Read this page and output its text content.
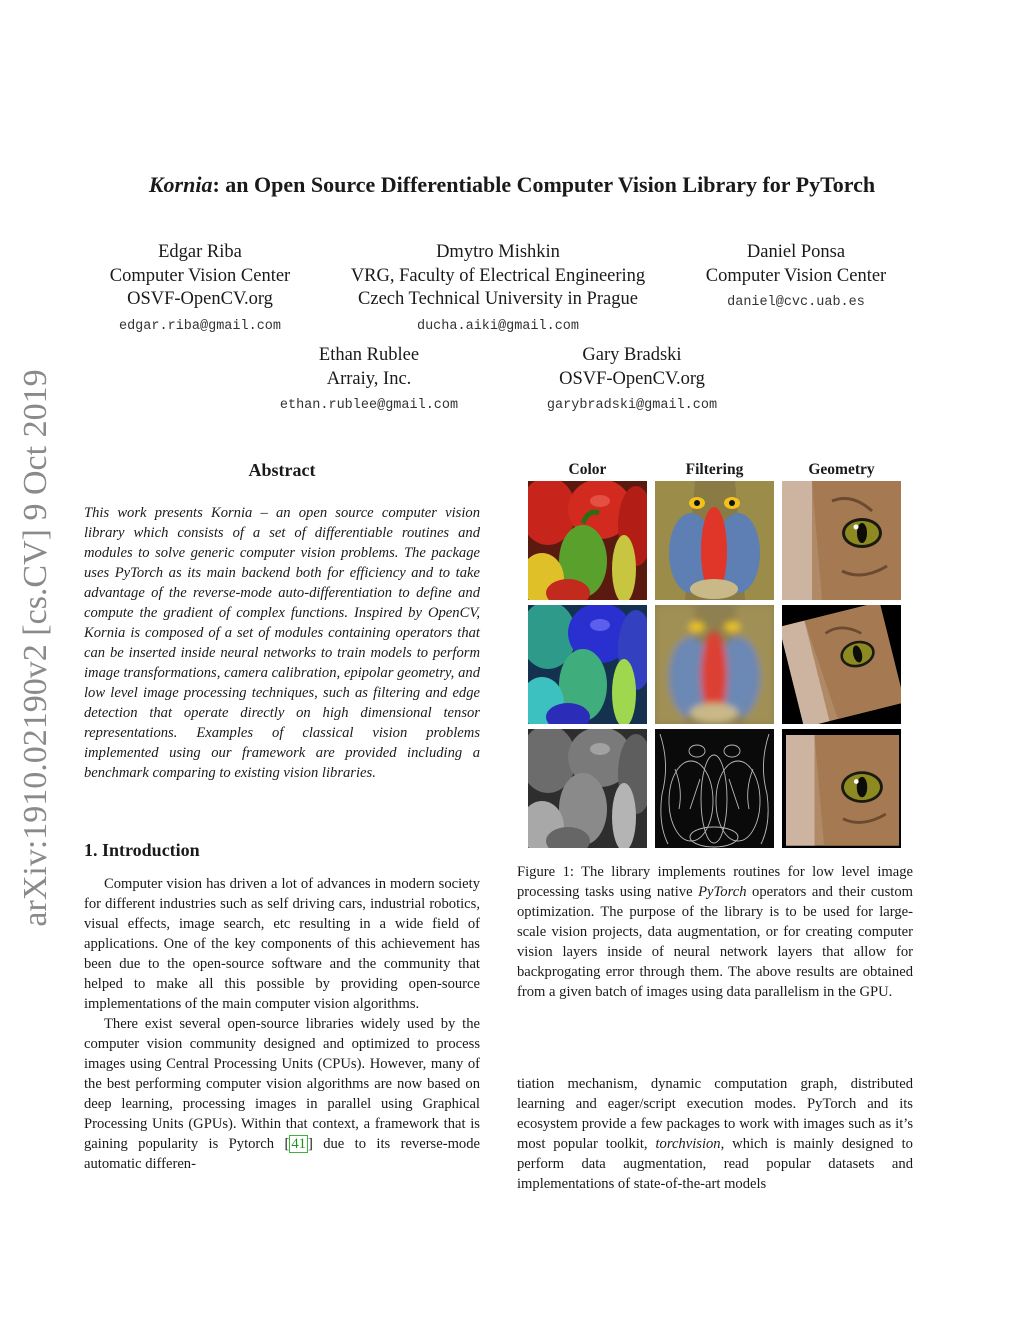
arXiv:1910.02190v2 [cs.CV] 9 Oct 2019
Kornia: an Open Source Differentiable Computer Vision Library for PyTorch
Edgar Riba
Computer Vision Center
OSVF-OpenCV.org
edgar.riba@gmail.com
Dmytro Mishkin
VRG, Faculty of Electrical Engineering
Czech Technical University in Prague
ducha.aiki@gmail.com
Daniel Ponsa
Computer Vision Center
daniel@cvc.uab.es
Ethan Rublee
Arraiy, Inc.
ethan.rublee@gmail.com
Gary Bradski
OSVF-OpenCV.org
garybradski@gmail.com
Abstract
This work presents Kornia – an open source computer vision library which consists of a set of differentiable routines and modules to solve generic computer vision problems. The package uses PyTorch as its main backend both for efficiency and to take advantage of the reverse-mode auto-differentiation to define and compute the gradient of complex functions. Inspired by OpenCV, Kornia is composed of a set of modules containing operators that can be inserted inside neural networks to train models to perform image transformations, camera calibration, epipolar geometry, and low level image processing techniques, such as filtering and edge detection that operate directly on high dimensional tensor representations. Examples of classical vision problems implemented using our framework are provided including a benchmark comparing to existing vision libraries.
1. Introduction

Computer vision has driven a lot of advances in modern society for different industries such as self driving cars, industrial robotics, visual effects, image search, etc resulting in a wide field of applications. One of the key components of this achievement has been due to the open-source software and the community that helped to make all this possible by providing open-source implementations of the main computer vision algorithms.

There exist several open-source libraries widely used by the computer vision community designed and optimized to process images using Central Processing Units (CPUs). However, many of the best performing computer vision algorithms are now based on deep learning, processing images in parallel using Graphical Processing Units (GPUs). Within that context, a framework that is gaining popularity is Pytorch [ 41 ] due to its reverse-mode automatic differen-

tiation mechanism, dynamic computation graph, distributed learning and eager/script execution modes. PyTorch and its ecosystem provide a few packages to work with images such as it’s most popular toolkit, torchvision, which is mainly designed to perform data augmentation, read popular datasets and implementations of state-of-the-art models

Color	Filtering	Geometry
Figure 1: The library implements routines for low level image processing tasks using native PyTorch operators and their custom optimization. The purpose of the library is to be used for large-scale vision projects, data augmentation, or for creating computer vision layers inside of neural network layers that allow for backprogating error through them. The above results are obtained from a given batch of images using data parallelism in the GPU.
